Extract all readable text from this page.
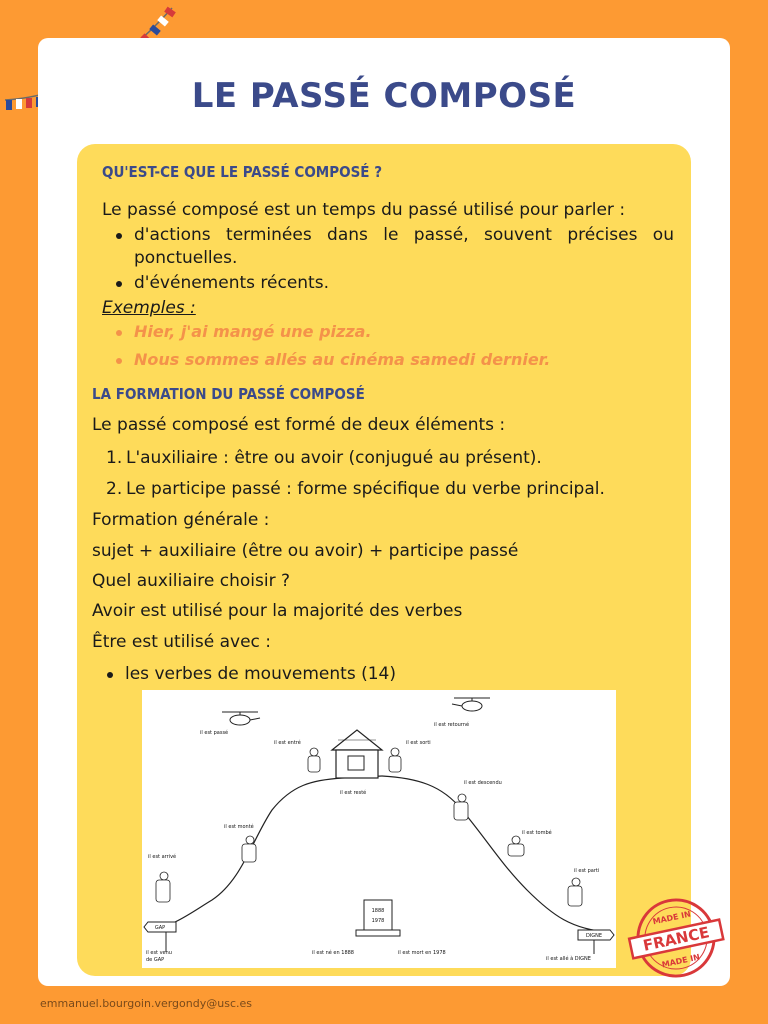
LE PASSÉ COMPOSÉ
QU'EST-CE QUE LE PASSÉ COMPOSÉ ?
Le passé composé est un temps du passé utilisé pour parler :
d'actions terminées dans le passé, souvent précises ou
ponctuelles.
d'événements récents.
Exemples :
Hier, j'ai mangé une pizza.
Nous sommes allés au cinéma samedi dernier.
LA FORMATION DU PASSÉ COMPOSÉ
Le passé composé est formé de deux éléments :
1. L'auxiliaire : être ou avoir (conjugué au présent).
2. Le participe passé : forme spécifique du verbe principal.
Formation générale :
sujet + auxiliaire (être ou avoir) + participe passé
Quel auxiliaire choisir ?
Avoir est utilisé pour la majorité des verbes
Être est utilisé avec :
les verbes de mouvements (14)
1888
1978
GAP
DIGNE
il est passé
il est entré	il est sorti
il est retourné
il est resté
il est descendu
il est monté
il est tombé
il est arrivé
il est parti
il est venu
de GAP
il est né en 1888	il est mort en 1978
il est allé à DIGNE
MADE IN
FRANCE
MADE IN
emmanuel.bourgoin.vergondy@usc.es
